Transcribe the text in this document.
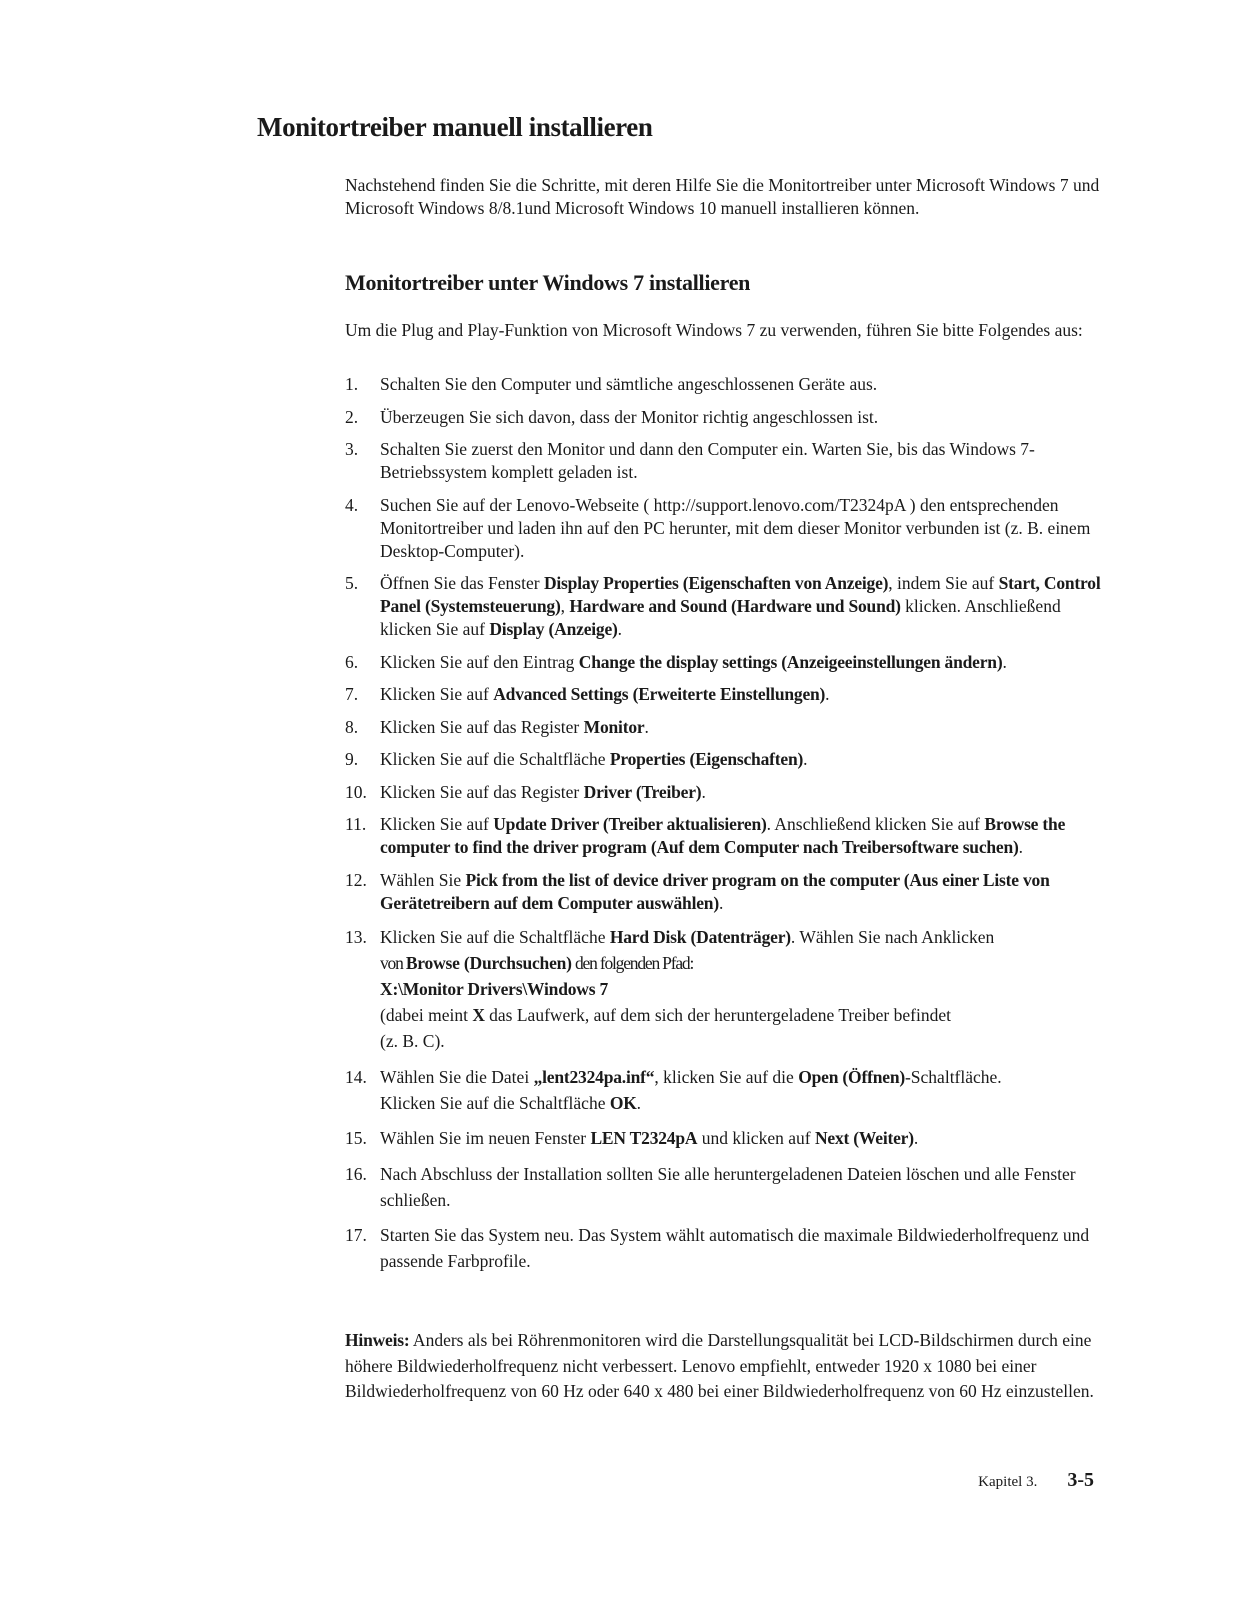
Monitortreiber manuell installieren

Nachstehend finden Sie die Schritte, mit deren Hilfe Sie die Monitortreiber unter Microsoft Windows 7 und Microsoft Windows 8/8.1und Microsoft Windows 10 manuell installieren können.

Monitortreiber unter Windows 7 installieren

Um die Plug and Play-Funktion von Microsoft Windows 7 zu verwenden, führen Sie bitte Folgendes aus:

1. Schalten Sie den Computer und sämtliche angeschlossenen Geräte aus.
2. Überzeugen Sie sich davon, dass der Monitor richtig angeschlossen ist.
3. Schalten Sie zuerst den Monitor und dann den Computer ein. Warten Sie, bis das Windows 7-Betriebssystem komplett geladen ist.
4. Suchen Sie auf der Lenovo-Webseite ( http://support.lenovo.com/T2324pA ) den entsprechenden Monitortreiber und laden ihn auf den PC herunter, mit dem dieser Monitor verbunden ist (z. B. einem Desktop-Computer).
5. Öffnen Sie das Fenster Display Properties (Eigenschaften von Anzeige), indem Sie auf Start, Control Panel (Systemsteuerung), Hardware and Sound (Hardware und Sound) klicken. Anschließend klicken Sie auf Display (Anzeige).
6. Klicken Sie auf den Eintrag Change the display settings (Anzeigeeinstellungen ändern).
7. Klicken Sie auf Advanced Settings (Erweiterte Einstellungen).
8. Klicken Sie auf das Register Monitor.
9. Klicken Sie auf die Schaltfläche Properties (Eigenschaften).
10. Klicken Sie auf das Register Driver (Treiber).
11. Klicken Sie auf Update Driver (Treiber aktualisieren). Anschließend klicken Sie auf Browse the computer to find the driver program (Auf dem Computer nach Treibersoftware suchen).
12. Wählen Sie Pick from the list of device driver program on the computer (Aus einer Liste von Gerätetreibern auf dem Computer auswählen).
13. Klicken Sie auf die Schaltfläche Hard Disk (Datenträger). Wählen Sie nach Anklicken
von Browse (Durchsuchen) den folgenden Pfad:
X:\Monitor Drivers\Windows 7
(dabei meint X das Laufwerk, auf dem sich der heruntergeladene Treiber befindet
(z. B. C).
14. Wählen Sie die Datei „lent2324pa.inf“, klicken Sie auf die Open (Öffnen)-Schaltfläche.
Klicken Sie auf die Schaltfläche OK.
15. Wählen Sie im neuen Fenster LEN T2324pA und klicken auf Next (Weiter).
16. Nach Abschluss der Installation sollten Sie alle heruntergeladenen Dateien löschen und alle Fenster schließen.
17. Starten Sie das System neu. Das System wählt automatisch die maximale Bildwiederholfrequenz und passende Farbprofile.

Hinweis: Anders als bei Röhrenmonitoren wird die Darstellungsqualität bei LCD-Bildschirmen durch eine höhere Bildwiederholfrequenz nicht verbessert. Lenovo empfiehlt, entweder 1920 x 1080 bei einer Bildwiederholfrequenz von 60 Hz oder 640 x 480 bei einer Bildwiederholfrequenz von 60 Hz einzustellen.

Kapitel 3. 3-5
